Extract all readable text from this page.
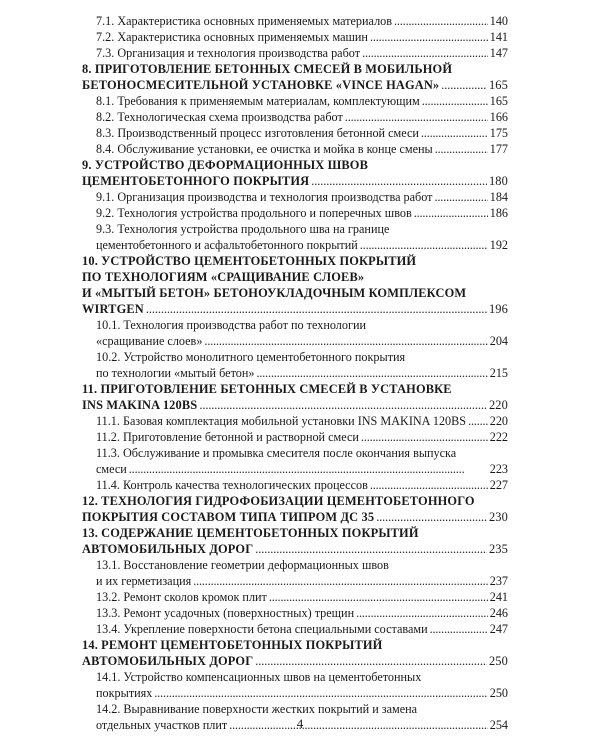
7.1. Характеристика основных применяемых материалов . . .	140
7.2. Характеристика основных применяемых машин . . .	141
7.3. Организация и технология производства работ . . .	147
8. ПРИГОТОВЛЕНИЕ БЕТОННЫХ СМЕСЕЙ В МОБИЛЬНОЙ
БЕТОНОСМЕСИТЕЛЬНОЙ УСТАНОВКЕ «VINCE HAGAN» . . .	165
8.1. Требования к применяемым материалам, комплектующим . . .	165
8.2. Технологическая схема производства работ . . .	166
8.3. Производственный процесс изготовления бетонной смеси . . .	175
8.4. Обслуживание установки, ее очистка и мойка в конце смены . . .	177
9. УСТРОЙСТВО ДЕФОРМАЦИОННЫХ ШВОВ
ЦЕМЕНТОБЕТОННОГО ПОКРЫТИЯ . . .	180
9.1. Организация производства и технология производства работ . . .	184
9.2. Технология устройства продольного и поперечных швов . . .	186
9.3. Технология устройства продольного шва на границе
цементобетонного и асфальтобетонного покрытий . . .	192
10. УСТРОЙСТВО ЦЕМЕНТОБЕТОННЫХ ПОКРЫТИЙ
ПО ТЕХНОЛОГИЯМ «СРАЩИВАНИЕ СЛОЕВ»
И «МЫТЫЙ БЕТОН» БЕТОНОУКЛАДОЧНЫМ КОМПЛЕКСОМ
WIRTGEN . . .	196
10.1. Технология производства работ по технологии
«сращивание слоев» . . .	204
10.2. Устройство монолитного цементобетонного покрытия
по технологии «мытый бетон» . . .	215
11. ПРИГОТОВЛЕНИЕ БЕТОННЫХ СМЕСЕЙ В УСТАНОВКЕ
INS MAKINA 120BS . . .	220
11.1. Базовая комплектация мобильной установки INS MAKINA 120BS . . . 220
11.2. Приготовление бетонной и растворной смеси . . .	222
11.3. Обслуживание и промывка смесителя после окончания выпуска
смеси . . .	223
11.4. Контроль качества технологических процессов . . .	227
12. ТЕХНОЛОГИЯ ГИДРОФОБИЗАЦИИ ЦЕМЕНТОБЕТОННОГО
ПОКРЫТИЯ СОСТАВОМ ТИПА ТИПРОМ ДС 35 . . .	230
13. СОДЕРЖАНИЕ ЦЕМЕНТОБЕТОННЫХ ПОКРЫТИЙ
АВТОМОБИЛЬНЫХ ДОРОГ . . .	235
13.1. Восстановление геометрии деформационных швов
и их герметизация . . .	237
13.2. Ремонт сколов кромок плит . . .	241
13.3. Ремонт усадочных (поверхностных) трещин . . .	246
13.4. Укрепление поверхности бетона специальными составами . . .	247
14. РЕМОНТ ЦЕМЕНТОБЕТОННЫХ ПОКРЫТИЙ
АВТОМОБИЛЬНЫХ ДОРОГ . . .	250
14.1. Устройство компенсационных швов на цементобетонных
покрытиях . . .	250
14.2. Выравнивание поверхности жестких покрытий и замена
отдельных участков плит . . .	254
4
